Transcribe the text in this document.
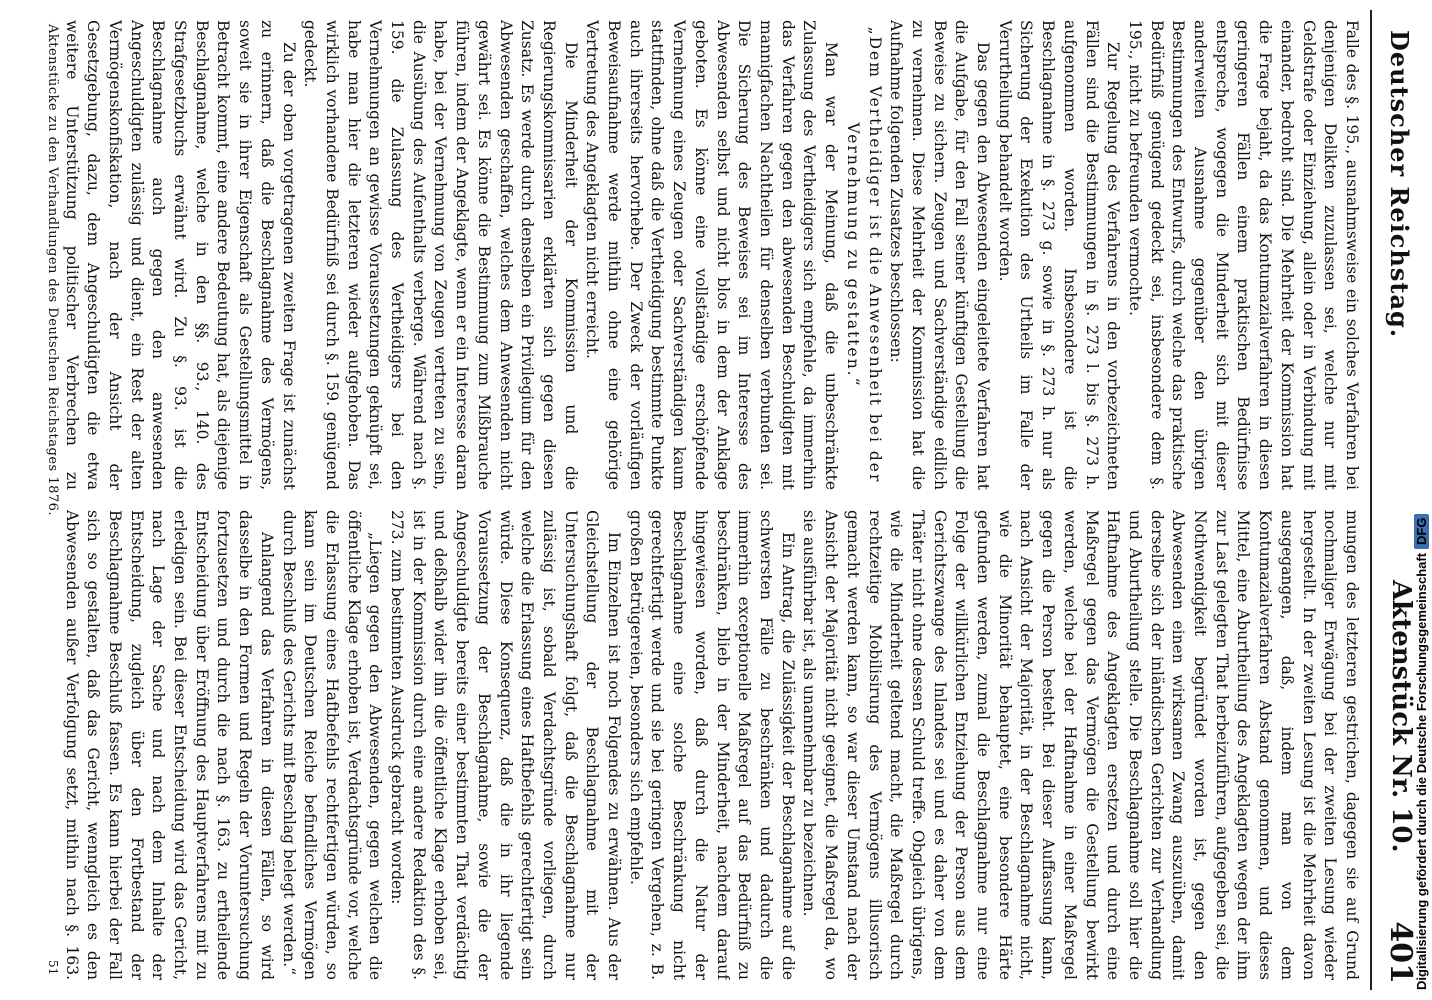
Deutscher Reichstag.
Aktenstück Nr. 10.
401

Falle des §. 195., ausnahmsweise ein solches Verfahren bei denjenigen Delikten zuzulassen sei, welche nur mit Geldstrafe oder Einziehung, allein oder in Verbindung mit einander, bedroht sind. Die Mehrheit der Kommission hat die Frage bejaht, da das Kontumazialverfahren in diesen geringeren Fällen einem praktischen Bedürfnisse entspreche, wogegen die Minderheit sich mit dieser anderweiten Ausnahme gegenüber den übrigen Bestimmungen des Entwurfs, durch welche das praktische Bedürfniß genügend gedeckt sei, insbesondere dem §. 195., nicht zu befreunden vermochte.

Zur Regelung des Verfahrens in den vorbezeichneten Fällen sind die Bestimmungen in §. 273 l. bis §. 273 h. aufgenommen worden. Insbesondere ist die Beschlagnahme in §. 273 g. sowie in §. 273 h. nur als Sicherung der Exekution des Urtheils im Falle der Verurtheilung behandelt worden.

Das gegen den Abwesenden eingeleitete Verfahren hat die Aufgabe, für den Fall seiner künftigen Gestellung die Beweise zu sichern. Zeugen und Sachverständige eidlich zu vernehmen. Diese Mehrheit der Kommission hat die Aufnahme folgenden Zusatzes beschlossen:

„Dem Vertheidiger ist die Anwesenheit bei der Vernehmung zu gestatten.“

Man war der Meinung, daß die unbeschränkte Zulassung des Vertheidigers sich empfehle, da immerhin das Verfahren gegen den abwesenden Beschuldigten mit mannigfachen Nachtheilen für denselben verbunden sei. Die Sicherung des Beweises sei im Interesse des Abwesenden selbst und nicht blos in dem der Anklage geboten. Es könne eine vollständige erschöpfende Vernehmung eines Zeugen oder Sachverständigen kaum stattfinden, ohne daß die Vertheidigung bestimmte Punkte auch ihrerseits hervorhebe. Der Zweck der vorläufigen Beweisaufnahme werde mithin ohne eine gehörige Vertretung des Angeklagten nicht erreicht.

Die Minderheit der Kommission und die Regierungskommissarien erklärten sich gegen diesen Zusatz. Es werde durch denselben ein Privilegium für den Abwesenden geschaffen, welches dem Anwesenden nicht gewährt sei. Es könne die Bestimmung zum Mißbrauche führen, indem der Angeklagte, wenn er ein Interesse daran habe, bei der Vernehmung von Zeugen vertreten zu sein, die Ausübung des Aufenthalts verberge. Während nach §. 159. die Zulassung des Vertheidigers bei den Vernehmungen an gewisse Voraussetzungen geknüpft sei, habe man hier die letzteren wieder aufgehoben. Das wirklich vorhandene Bedürfniß sei durch §. 159. genügend gedeckt.

Zu der oben vorgetragenen zweiten Frage ist zunächst zu erinnern, daß die Beschlagnahme des Vermögens, soweit sie in ihrer Eigenschaft als Gestellungsmittel in Betracht kommt, eine andere Bedeutung hat, als diejenige Beschlagnahme, welche in den §§. 93., 140. des Strafgesetzbuchs erwähnt wird. Zu §. 93. ist die Beschlagnahme auch gegen den anwesenden Angeschuldigten zulässig und dient, ein Rest der alten Vermögenskonfiskation, nach der Ansicht der Gesetzgebung, dazu, dem Angeschuldigten die etwa weitere Unterstützung politischer Verbrechen zu

mungen des letzteren gestrichen, dagegen sie auf Grund nochmaliger Erwägung bei der zweiten Lesung wieder hergestellt. In der zweiten Lesung ist die Mehrheit davon ausgegangen, daß, indem man von dem Kontumazialverfahren Abstand genommen, und dieses Mittel, eine Aburtheilung des Angeklagten wegen der ihm zur Last gelegten That herbeizuführen, aufgegeben sei, die Nothwendigkeit begründet worden ist, gegen den Abwesenden einen wirksamen Zwang auszuüben, damit derselbe sich der inländischen Gerichten zur Verhandlung und Aburtheilung stelle. Die Beschlagnahme soll hier die Haftnahme des Angeklagten ersetzen und durch eine Maßregel gegen das Vermögen die Gestellung bewirkt werden, welche bei der Haftnahme in einer Maßregel gegen die Person besteht. Bei dieser Auffassung kann, nach Ansicht der Majorität, in der Beschlagnahme nicht, wie die Minorität behauptet, eine besondere Härte gefunden werden, zumal die Beschlagnahme nur eine Folge der willkürlichen Entziehung der Person aus dem Gerichtszwange des Inlandes sei und es daher von dem Thäter nicht ohne dessen Schuld treffe. Obgleich übrigens, wie die Minderheit geltend macht, die Maßregel durch rechtzeitige Mobilisirung des Vermögens illusorisch gemacht werden kann, so war dieser Umstand nach der Ansicht der Majorität nicht geeignet, die Maßregel da, wo sie ausführbar ist, als unannehmbar zu bezeichnen.

Ein Antrag, die Zulässigkeit der Beschlagnahme auf die schwersten Fälle zu beschränken und dadurch die immerhin exceptionelle Maßregel auf das Bedürfniß zu beschränken, blieb in der Minderheit, nachdem darauf hingewiesen worden, daß durch die Natur der Beschlagnahme eine solche Beschränkung nicht gerechtfertigt werde und sie bei geringen Vergehen, z. B. großen Betrügereien, besonders sich empfehle.

Im Einzelnen ist noch Folgendes zu erwähnen. Aus der Gleichstellung der Beschlagnahme mit der Untersuchungshaft folgt, daß die Beschlagnahme nur zulässig ist, sobald Verdachtsgründe vorliegen, durch welche die Erlassung eines Haftbefehls gerechtfertigt sein würde. Diese Konsequenz, daß die in ihr liegende Voraussetzung der Beschlagnahme, sowie die der Angeschuldigte bereits einer bestimmten That verdächtig und deßhalb wider ihn die öffentliche Klage erhoben sei, ist in der Kommission durch eine andere Redaktion des §. 273. zum bestimmten Ausdruck gebracht worden:

„Liegen gegen den Abwesenden, gegen welchen die öffentliche Klage erhoben ist, Verdachtsgründe vor, welche die Erlassung eines Haftbefehls rechtfertigen würden, so kann sein im Deutschen Reiche befindliches Vermögen durch Beschluß des Gerichts mit Beschlag belegt werden.“

Anlangend das Verfahren in diesen Fällen, so wird dasselbe in den Formen und Regeln der Voruntersuchung fortzusetzen und durch die nach §. 163. zu ertheilende Entscheidung über Eröffnung des Hauptverfahrens mit zu erledigen sein. Bei dieser Entscheidung wird das Gericht, nach Lage der Sache und nach dem Inhalte der Entscheidung, zugleich über den Fortbestand der Beschlagnahme Beschluß fassen. Es kann hierbei der Fall sich so gestalten, daß das Gericht, wenngleich es den Abwesenden außer Verfolgung setzt, mithin nach §. 163.

Aktenstücke zu den Verhandlungen des Deutschen Reichstages 1876.
51	Digitalisierung gefördert durch die Deutsche ForschungsgemeinschaftDFG
